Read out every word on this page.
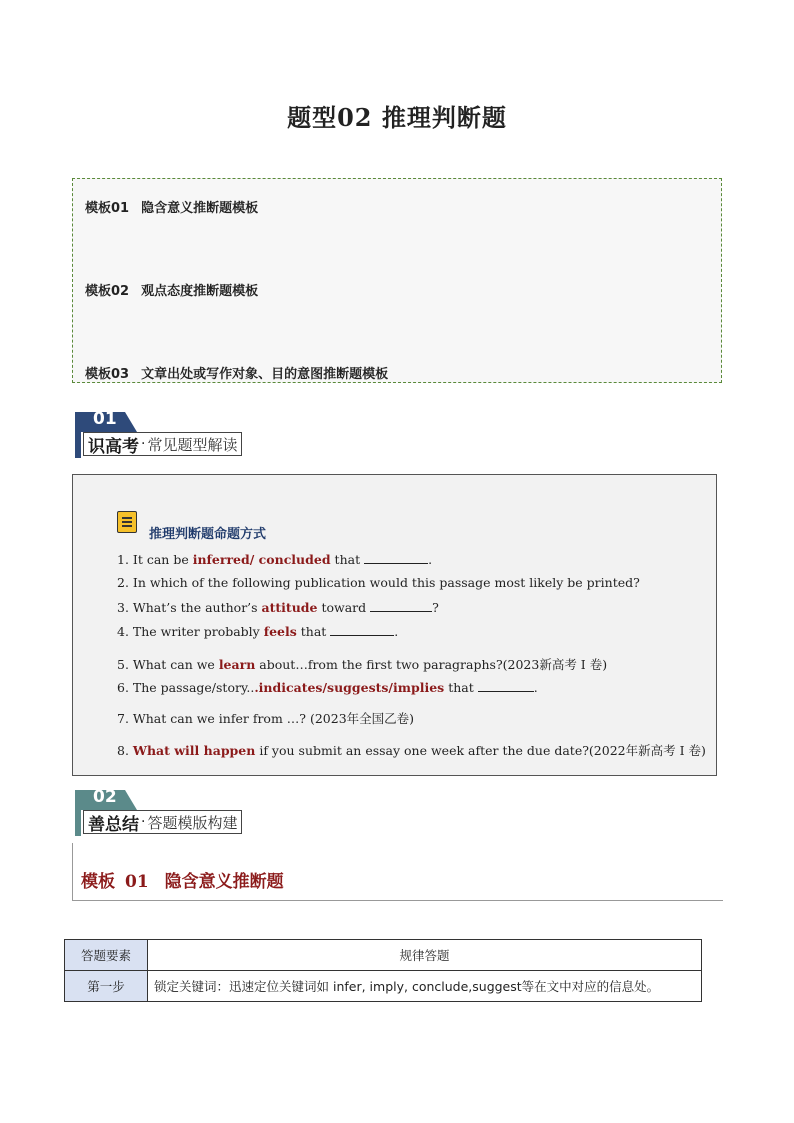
题型02 推理判断题
模板01 隐含意义推断题模板
模板02 观点态度推断题模板
模板03 文章出处或写作对象、目的意图推断题模板
01
识高考 · 常见题型解读
推理判断题命题方式
1. It can be inferred/ concluded that	.
2. In which of the following publication would this passage most likely be printed?
3. What’s the author’s attitude toward	?
4. The writer probably feels that	.
5. What can we learn about…from the first two paragraphs?(2023新高考 I 卷)
6. The passage/story...indicates/suggests/implies that	.
7. What can we infer from …? (2023年全国乙卷)
8. What will happen if you submit an essay one week after the due date?(2022年新高考 I 卷)
02
善总结 · 答题模版构建
模板 01 隐含意义推断题
答题要素	规律答题
第一步	锁定关键词：迅速定位关键词如 infer, imply, conclude,suggest等在文中对应的信息处。
